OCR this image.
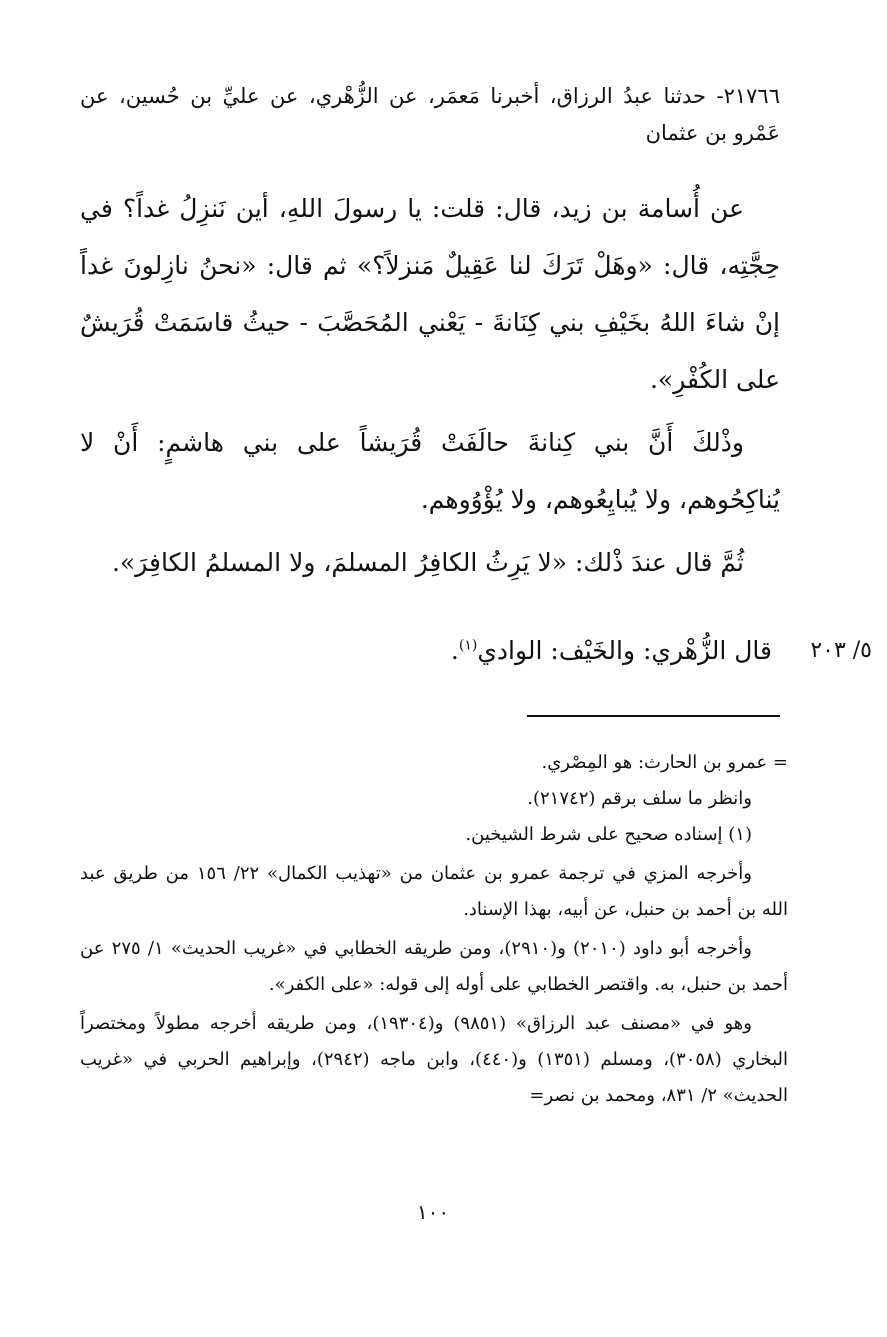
٢١٧٦٦- حدثنا عبدُ الرزاق، أخبرنا مَعمَر، عن الزُّهْري، عن عليِّ بن حُسين، عن عَمْرو بن عثمان

عن أُسامة بن زيد، قال: قلت: يا رسولَ اللهِ، أين نَنزِلُ غداً؟ في حِجَّتِه، قال: «وهَلْ تَرَكَ لنا عَقِيلٌ مَنزلاً؟» ثم قال: «نحنُ نازِلونَ غداً إنْ شاءَ اللهُ بخَيْفِ بني كِنَانةَ - يَعْني المُحَصَّبَ - حيثُ قاسَمَتْ قُرَيشٌ على الكُفْرِ».

وذْلكَ أَنَّ بني كِنانةَ حالَفَتْ قُرَيشاً على بني هاشمٍ: أَنْ لا يُناكِحُوهم، ولا يُبايِعُوهم، ولا يُؤْوُوهم.

ثُمَّ قال عندَ ذْلك: «لا يَرِثُ الكافِرُ المسلمَ، ولا المسلمُ الكافِرَ».

٥/ ٢٠٣
قال الزُّهْري: والخَيْف: الوادي$^{(١)}$.

= عمرو بن الحارث: هو المِصْري.

وانظر ما سلف برقم (٢١٧٤٢).

(١) إسناده صحيح على شرط الشيخين.

وأخرجه المزي في ترجمة عمرو بن عثمان من «تهذيب الكمال» ٢٢/ ١٥٦ من طريق عبد الله بن أحمد بن حنبل، عن أبيه، بهذا الإسناد.

وأخرجه أبو داود (٢٠١٠) و(٢٩١٠)، ومن طريقه الخطابي في «غريب الحديث» ١/ ٢٧٥ عن أحمد بن حنبل، به. واقتصر الخطابي على أوله إلى قوله: «على الكفر».

وهو في «مصنف عبد الرزاق» (٩٨٥١) و(١٩٣٠٤)، ومن طريقه أخرجه مطولاً ومختصراً البخاري (٣٠٥٨)، ومسلم (١٣٥١) و(٤٤٠)، وابن ماجه (٢٩٤٢)، وإبراهيم الحربي في «غريب الحديث» ٢/ ٨٣١، ومحمد بن نصر=

١٠٠
